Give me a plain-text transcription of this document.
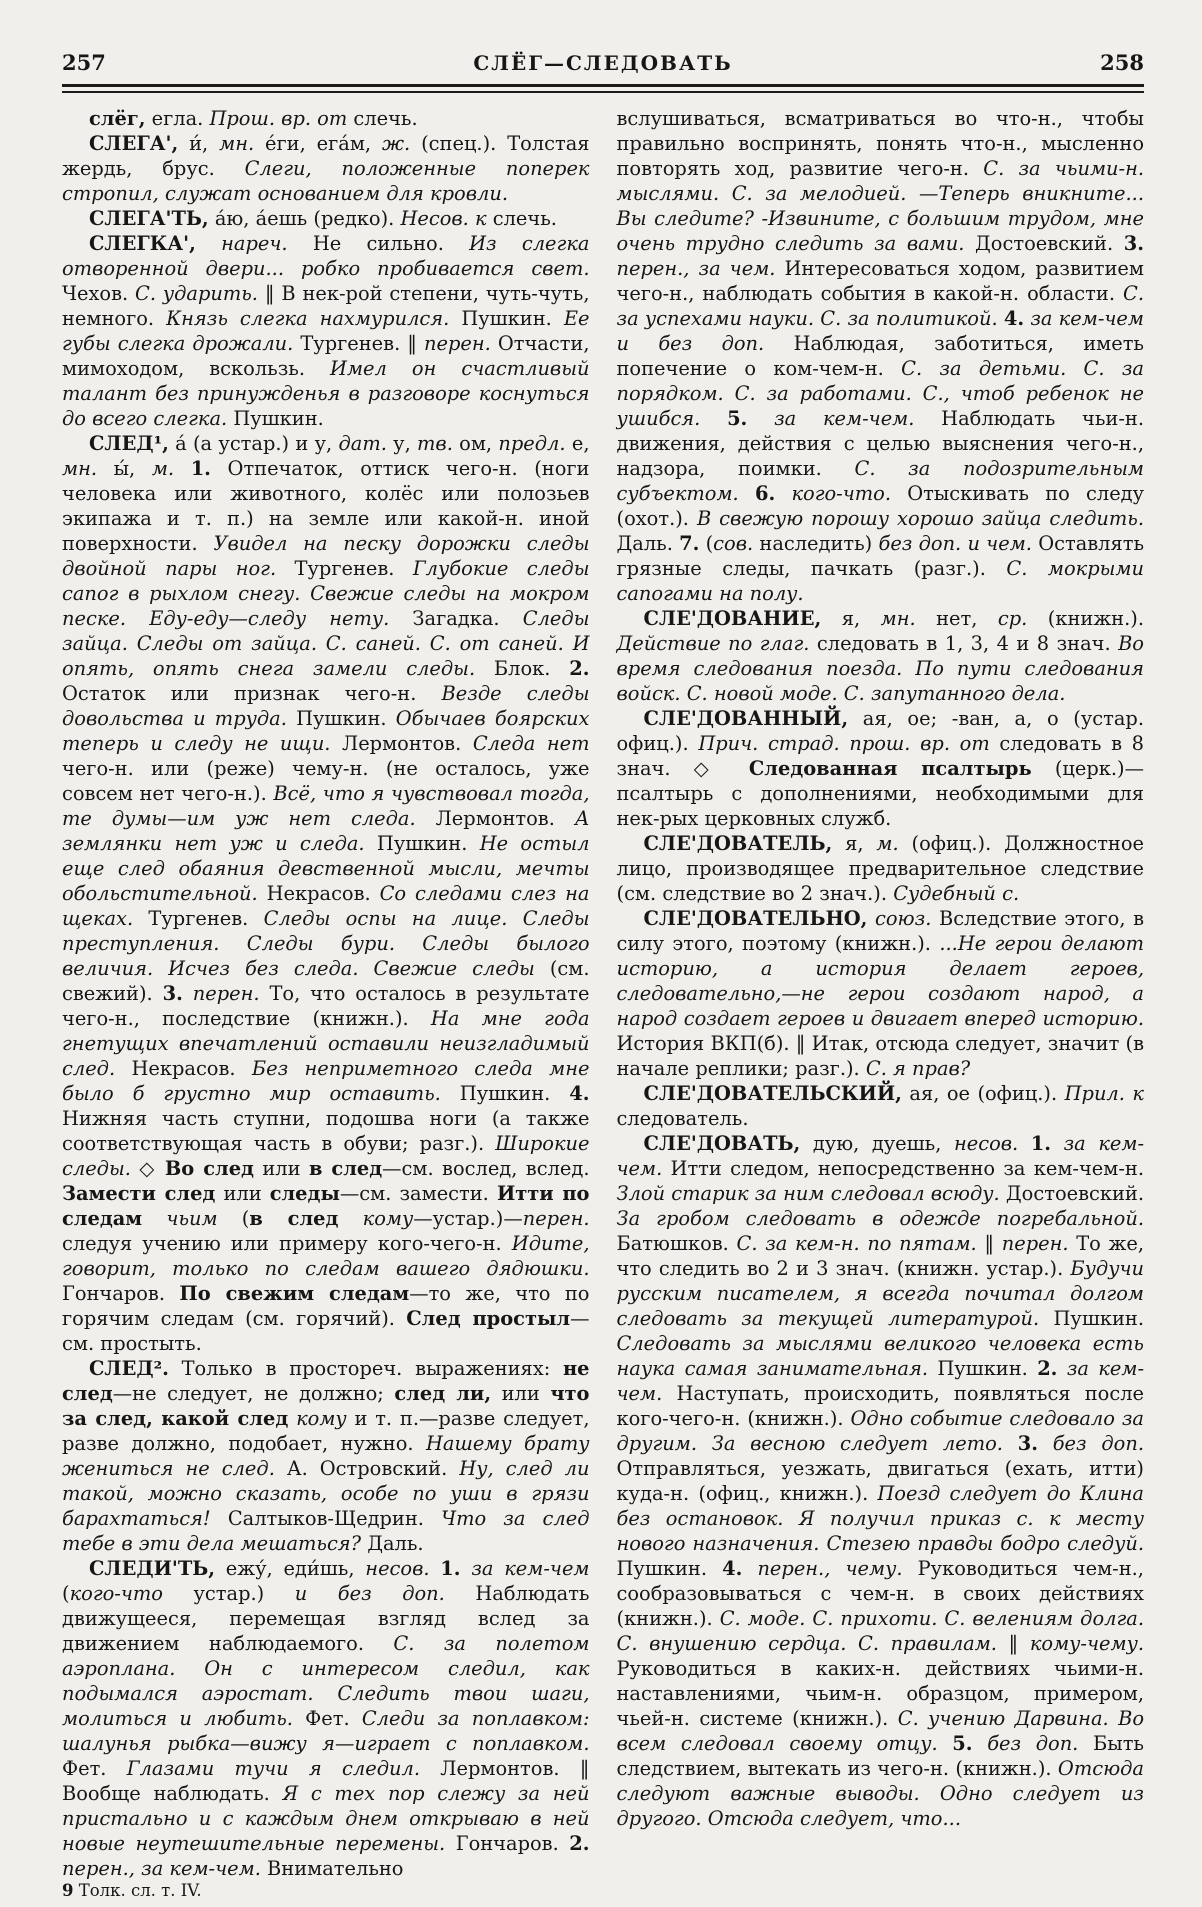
257	СЛЁГ—СЛЕДОВАТЬ	258

слёг, егла. Прош. вр. от слечь.

СЛЕГА', и́, мн. е́ги, ега́м, ж. (спец.). Толстая жердь, брус. Слеги, положенные поперек стропил, служат основанием для кровли.

СЛЕГА'ТЬ, а́ю, а́ешь (редко). Несов. к слечь.

СЛЕГКА', нареч. Не сильно. Из слегка отворенной двери... робко пробивается свет. Чехов. С. ударить. ‖ В нек-рой степени, чуть-чуть, немного. Князь слегка нахмурился. Пушкин. Ее губы слегка дрожали. Тургенев. ‖ перен. Отчасти, мимоходом, вскользь. Имел он счастливый талант без принужденья в разговоре коснуться до всего слегка. Пушкин.

СЛЕД¹, а́ (а устар.) и у, дат. у, тв. ом, предл. е, мн. ы́, м. 1. Отпечаток, оттиск чего-н. (ноги человека или животного, колёс или полозьев экипажа и т. п.) на земле или какой-н. иной поверхности. Увидел на песку дорожки следы двойной пары ног. Тургенев. Глубокие следы сапог в рыхлом снегу. Свежие следы на мокром песке. Еду-еду—следу нету. Загадка. Следы зайца. Следы от зайца. С. саней. С. от саней. И опять, опять снега замели следы. Блок. 2. Остаток или признак чего-н. Везде следы довольства и труда. Пушкин. Обычаев боярских теперь и следу не ищи. Лермонтов. Следа нет чего-н. или (реже) чему-н. (не осталось, уже совсем нет чего-н.). Всё, что я чувствовал тогда, те думы—им уж нет следа. Лермонтов. А землянки нет уж и следа. Пушкин. Не остыл еще след обаяния девственной мысли, мечты обольстительной. Некрасов. Со следами слез на щеках. Тургенев. Следы оспы на лице. Следы преступления. Следы бури. Следы былого величия. Исчез без следа. Свежие следы (см. свежий). 3. перен. То, что осталось в результате чего-н., последствие (книжн.). На мне года гнетущих впечатлений оставили неизгладимый след. Некрасов. Без неприметного следа мне было б грустно мир оставить. Пушкин. 4. Нижняя часть ступни, подошва ноги (а также соответствующая часть в обуви; разг.). Широкие следы. ◇ Во след или в след—см. вослед, вслед. Замести след или следы—см. замести. Итти по следам чьим (в след кому—устар.)—перен. следуя учению или примеру кого-чего-н. Идите, говорит, только по следам вашего дядюшки. Гончаров. По свежим следам—то же, что по горячим следам (см. горячий). След простыл—см. простыть.

СЛЕД². Только в простореч. выражениях: не след—не следует, не должно; след ли, или что за след, какой след кому и т. п.—разве следует, разве должно, подобает, нужно. Нашему брату жениться не след. А. Островский. Ну, след ли такой, можно сказать, особе по уши в грязи барахтаться! Салтыков-Щедрин. Что за след тебе в эти дела мешаться? Даль.

СЛЕДИ'ТЬ, ежу́, еди́шь, несов. 1. за кем-чем (кого-что устар.) и без доп. Наблюдать движущееся, перемещая взгляд вслед за движением наблюдаемого. С. за полетом аэроплана. Он с интересом следил, как подымался аэростат. Следить твои шаги, молиться и любить. Фет. Следи за поплавком: шалунья рыбка—вижу я—играет с поплавком. Фет. Глазами тучи я следил. Лермонтов. ‖ Вообще наблюдать. Я с тех пор слежу за ней пристально и с каждым днем открываю в ней новые неутешительные перемены. Гончаров. 2. перен., за кем-чем. Внимательно

9 Толк. сл. т. IV.

вслушиваться, всматриваться во что-н., чтобы правильно воспринять, понять что-н., мысленно повторять ход, развитие чего-н. С. за чьими-н. мыслями. С. за мелодией. —Теперь вникните... Вы следите? -Извините, с большим трудом, мне очень трудно следить за вами. Достоевский. 3. перен., за чем. Интересоваться ходом, развитием чего-н., наблюдать события в какой-н. области. С. за успехами науки. С. за политикой. 4. за кем-чем и без доп. Наблюдая, заботиться, иметь попечение о ком-чем-н. С. за детьми. С. за порядком. С. за работами. С., чтоб ребенок не ушибся. 5. за кем-чем. Наблюдать чьи-н. движения, действия с целью выяснения чего-н., надзора, поимки. С. за подозрительным субъектом. 6. кого-что. Отыскивать по следу (охот.). В свежую порошу хорошо зайца следить. Даль. 7. (сов. наследить) без доп. и чем. Оставлять грязные следы, пачкать (разг.). С. мокрыми сапогами на полу.

СЛЕ'ДОВАНИЕ, я, мн. нет, ср. (книжн.). Действие по глаг. следовать в 1, 3, 4 и 8 знач. Во время следования поезда. По пути следования войск. С. новой моде. С. запутанного дела.

СЛЕ'ДОВАННЫЙ, ая, ое; -ван, а, о (устар. офиц.). Прич. страд. прош. вр. от следовать в 8 знач. ◇ Следованная псалтырь (церк.)—псалтырь с дополнениями, необходимыми для нек-рых церковных служб.

СЛЕ'ДОВАТЕЛЬ, я, м. (офиц.). Должностное лицо, производящее предварительное следствие (см. следствие во 2 знач.). Судебный с.

СЛЕ'ДОВАТЕЛЬНО, союз. Вследствие этого, в силу этого, поэтому (книжн.). ...Не герои делают историю, а история делает героев, следовательно,—не герои создают народ, а народ создает героев и двигает вперед историю. История ВКП(б). ‖ Итак, отсюда следует, значит (в начале реплики; разг.). С. я прав?

СЛЕ'ДОВАТЕЛЬСКИЙ, ая, ое (офиц.). Прил. к следователь.

СЛЕ'ДОВАТЬ, дую, дуешь, несов. 1. за кем-чем. Итти следом, непосредственно за кем-чем-н. Злой старик за ним следовал всюду. Достоевский. За гробом следовать в одежде погребальной. Батюшков. С. за кем-н. по пятам. ‖ перен. То же, что следить во 2 и 3 знач. (книжн. устар.). Будучи русским писателем, я всегда почитал долгом следовать за текущей литературой. Пушкин. Следовать за мыслями великого человека есть наука самая занимательная. Пушкин. 2. за кем-чем. Наступать, происходить, появляться после кого-чего-н. (книжн.). Одно событие следовало за другим. За весною следует лето. 3. без доп. Отправляться, уезжать, двигаться (ехать, итти) куда-н. (офиц., книжн.). Поезд следует до Клина без остановок. Я получил приказ с. к месту нового назначения. Стезею правды бодро следуй. Пушкин. 4. перен., чему. Руководиться чем-н., сообразовываться с чем-н. в своих действиях (книжн.). С. моде. С. прихоти. С. велениям долга. С. внушению сердца. С. правилам. ‖ кому-чему. Руководиться в каких-н. действиях чьими-н. наставлениями, чьим-н. образцом, примером, чьей-н. системе (книжн.). С. учению Дарвина. Во всем следовал своему отцу. 5. без доп. Быть следствием, вытекать из чего-н. (книжн.). Отсюда следуют важные выводы. Одно следует из другого. Отсюда следует, что...
